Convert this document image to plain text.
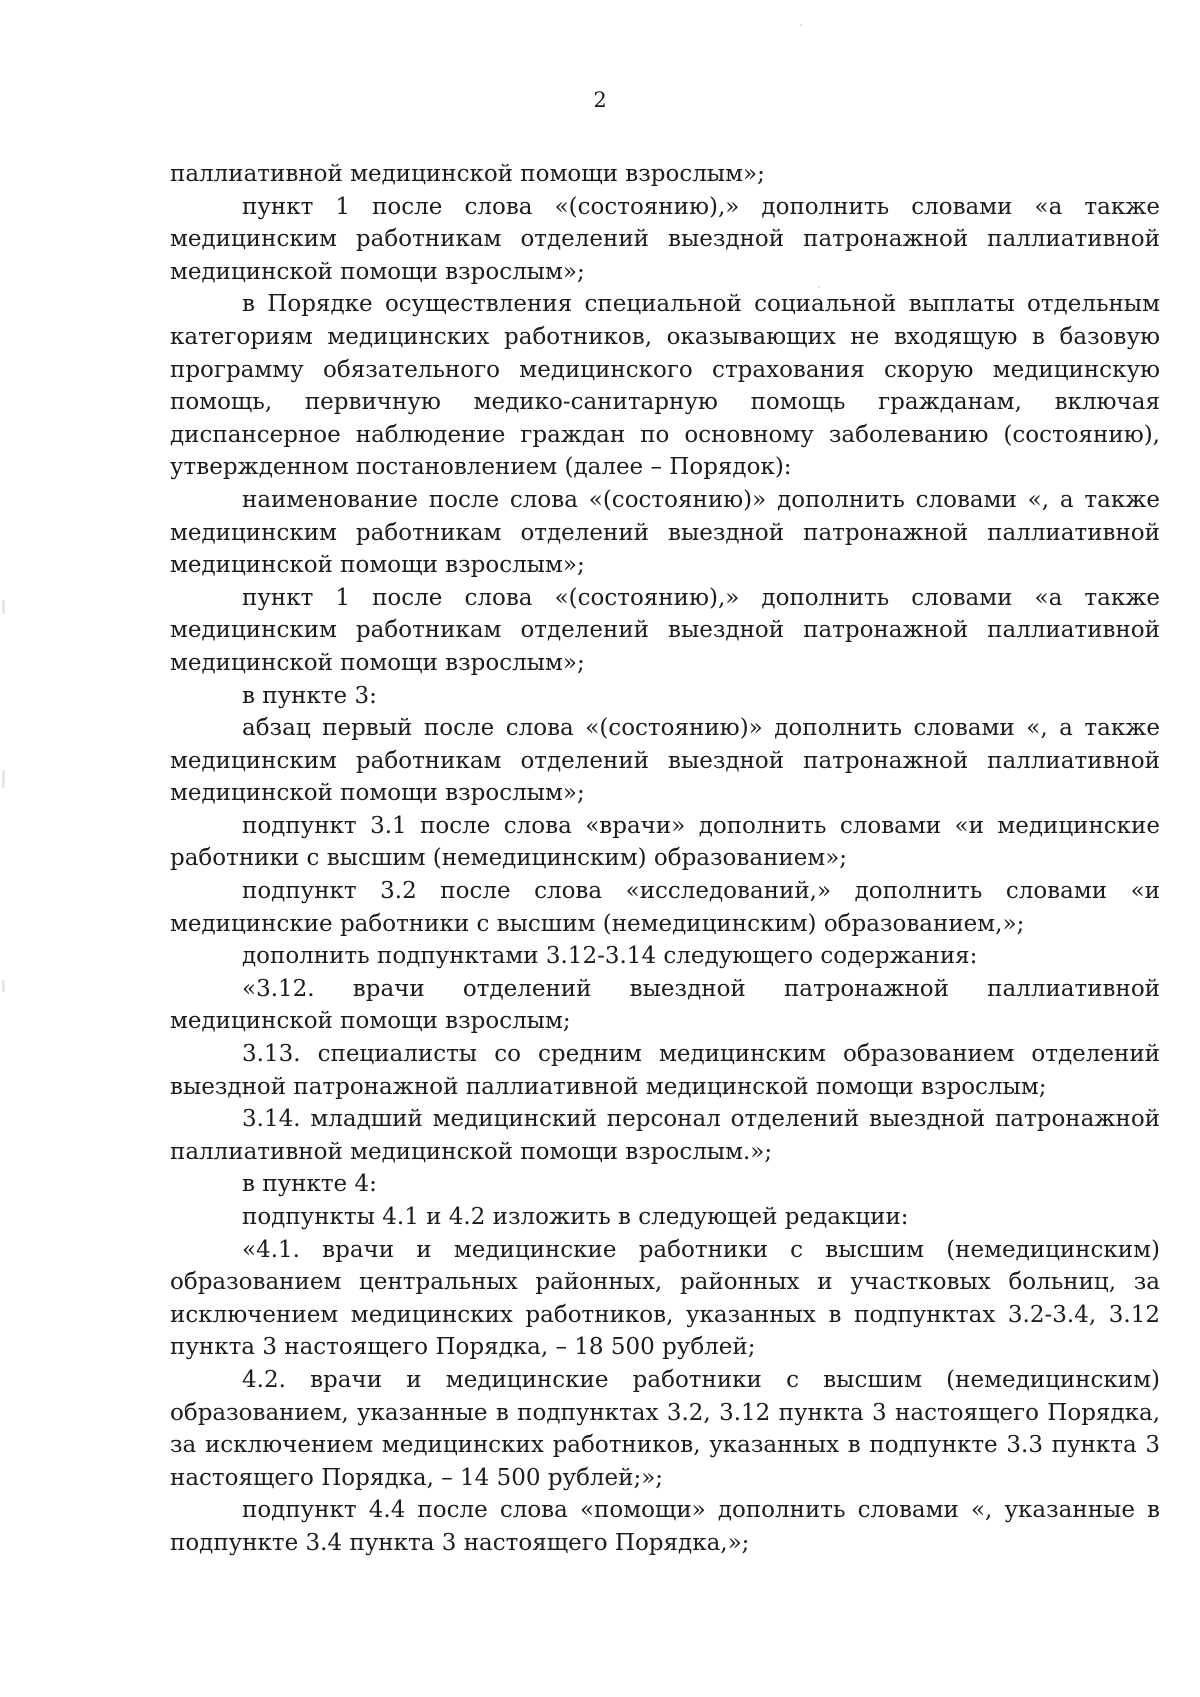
2

паллиативной медицинской помощи взрослым»;

пункт 1 после слова «(состоянию),» дополнить словами «а также медицинским работникам отделений выездной патронажной паллиативной медицинской помощи взрослым»;

в Порядке осуществления специальной социальной выплаты отдельным категориям медицинских работников, оказывающих не входящую в базовую программу обязательного медицинского страхования скорую медицинскую помощь, первичную медико-санитарную помощь гражданам, включая диспансерное наблюдение граждан по основному заболеванию (состоянию), утвержденном постановлением (далее – Порядок):

наименование после слова «(состоянию)» дополнить словами «, а также медицинским работникам отделений выездной патронажной паллиативной медицинской помощи взрослым»;

пункт 1 после слова «(состоянию),» дополнить словами «а также медицинским работникам отделений выездной патронажной паллиативной медицинской помощи взрослым»;

в пункте 3:

абзац первый после слова «(состоянию)» дополнить словами «, а также медицинским работникам отделений выездной патронажной паллиативной медицинской помощи взрослым»;

подпункт 3.1 после слова «врачи» дополнить словами «и медицинские работники с высшим (немедицинским) образованием»;

подпункт 3.2 после слова «исследований,» дополнить словами «и медицинские работники с высшим (немедицинским) образованием,»;

дополнить подпунктами 3.12-3.14 следующего содержания:

«3.12. врачи отделений выездной патронажной паллиативной медицинской помощи взрослым;

3.13. специалисты со средним медицинским образованием отделений выездной патронажной паллиативной медицинской помощи взрослым;

3.14. младший медицинский персонал отделений выездной патронажной паллиативной медицинской помощи взрослым.»;

в пункте 4:

подпункты 4.1 и 4.2 изложить в следующей редакции:

«4.1. врачи и медицинские работники с высшим (немедицинским) образованием центральных районных, районных и участковых больниц, за исключением медицинских работников, указанных в подпунктах 3.2-3.4, 3.12 пункта 3 настоящего Порядка, – 18 500 рублей;

4.2. врачи и медицинские работники с высшим (немедицинским) образованием, указанные в подпунктах 3.2, 3.12 пункта 3 настоящего Порядка, за исключением медицинских работников, указанных в подпункте 3.3 пункта 3 настоящего Порядка, – 14 500 рублей;»;

подпункт 4.4 после слова «помощи» дополнить словами «, указанные в подпункте 3.4 пункта 3 настоящего Порядка,»;
